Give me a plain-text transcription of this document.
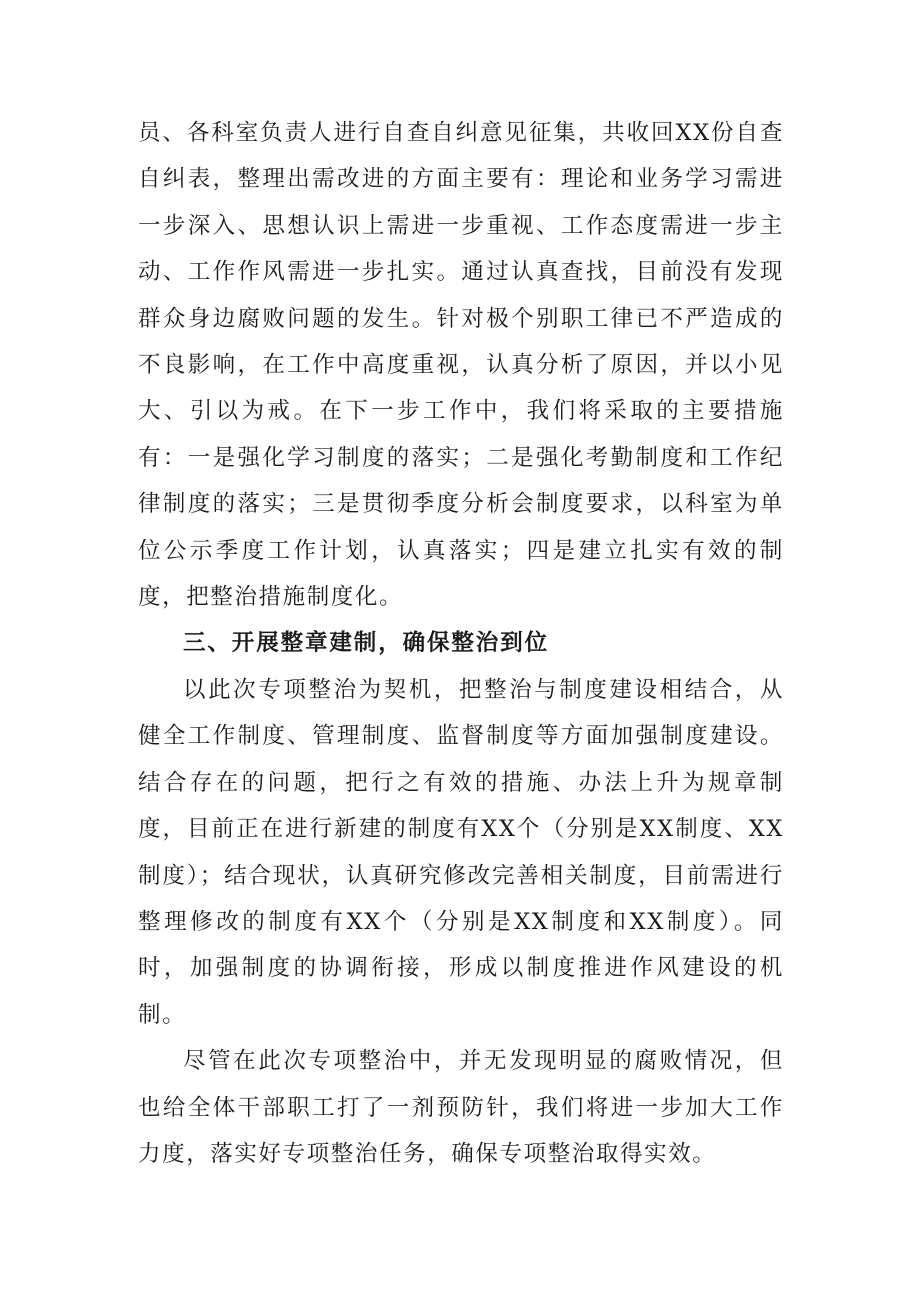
员、各科室负责人进行自查自纠意见征集，共收回XX份自查自纠表，整理出需改进的方面主要有：理论和业务学习需进一步深入、思想认识上需进一步重视、工作态度需进一步主动、工作作风需进一步扎实。通过认真查找，目前没有发现群众身边腐败问题的发生。针对极个别职工律已不严造成的不良影响，在工作中高度重视，认真分析了原因，并以小见大、引以为戒。在下一步工作中，我们将采取的主要措施有：一是强化学习制度的落实；二是强化考勤制度和工作纪律制度的落实；三是贯彻季度分析会制度要求，以科室为单位公示季度工作计划，认真落实；四是建立扎实有效的制度，把整治措施制度化。

三、开展整章建制，确保整治到位

以此次专项整治为契机，把整治与制度建设相结合，从健全工作制度、管理制度、监督制度等方面加强制度建设。结合存在的问题，把行之有效的措施、办法上升为规章制度，目前正在进行新建的制度有XX个（分别是XX制度、XX制度）；结合现状，认真研究修改完善相关制度，目前需进行整理修改的制度有XX个（分别是XX制度和XX制度）。同时，加强制度的协调衔接，形成以制度推进作风建设的机制。

尽管在此次专项整治中，并无发现明显的腐败情况，但也给全体干部职工打了一剂预防针，我们将进一步加大工作力度，落实好专项整治任务，确保专项整治取得实效。
